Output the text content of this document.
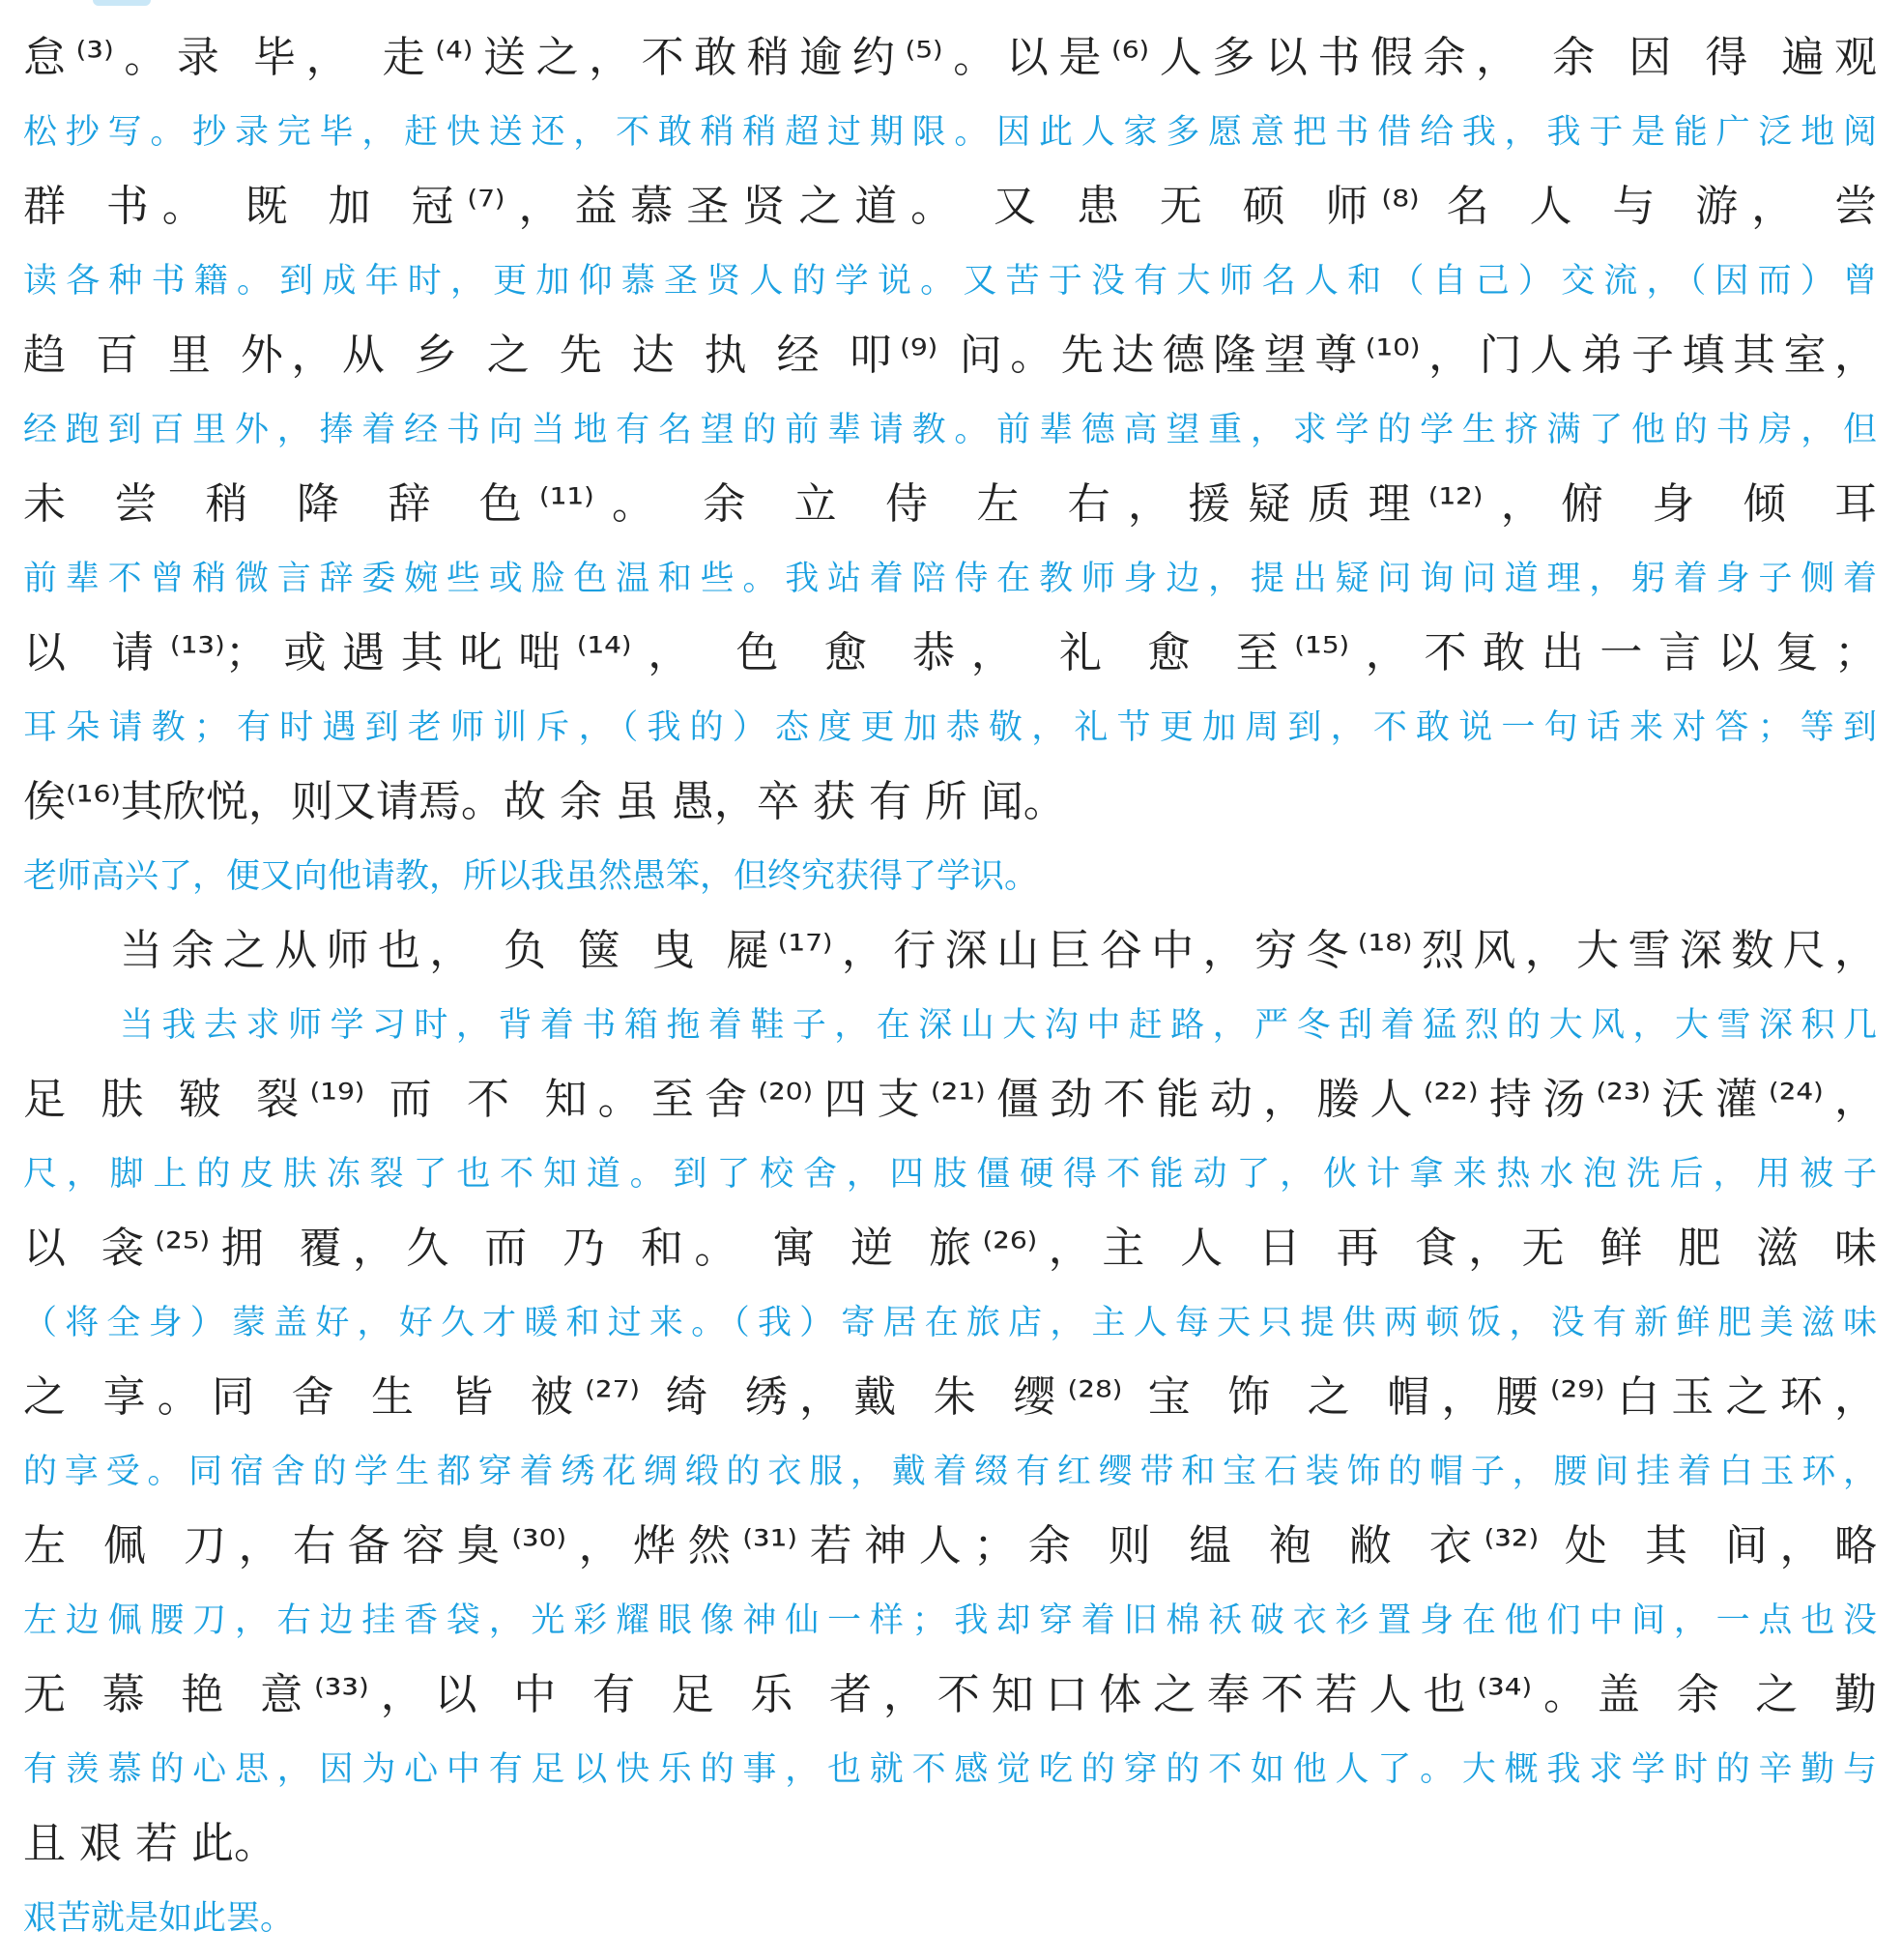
怠⁽³⁾。录 毕， 走⁽⁴⁾送之，不敢稍逾约⁽⁵⁾。以是⁽⁶⁾人多以书假余， 余 因 得 遍观

松抄写。抄录完毕，赶快送还，不敢稍稍超过期限。因此人家多愿意把书借给我，我于是能广泛地阅

群 书。 既 加 冠⁽⁷⁾，益慕圣贤之道。 又 患 无 硕 师⁽⁸⁾ 名 人 与 游， 尝

读各种书籍。到成年时，更加仰慕圣贤人的学说。又苦于没有大师名人和（自己）交流，（因而）曾

趋 百 里 外，从 乡 之 先 达 执 经 叩⁽⁹⁾ 问。先达德隆望尊⁽¹⁰⁾，门人弟子填其室，

经跑到百里外，捧着经书向当地有名望的前辈请教。前辈德高望重，求学的学生挤满了他的书房，但

未 尝 稍 降 辞 色⁽¹¹⁾。 余 立 侍 左 右，援疑质理⁽¹²⁾，俯 身 倾 耳

前辈不曾稍微言辞委婉些或脸色温和些。我站着陪侍在教师身边，提出疑问询问道理，躬着身子侧着

以 请⁽¹³⁾；或遇其叱咄⁽¹⁴⁾， 色 愈 恭， 礼 愈 至⁽¹⁵⁾，不敢出一言以复；

耳朵请教；有时遇到老师训斥，（我的）态度更加恭敬，礼节更加周到，不敢说一句话来对答；等到

俟⁽¹⁶⁾其欣悦，则又请焉。故 余 虽 愚，卒 获 有 所 闻。

老师高兴了，便又向他请教，所以我虽然愚笨，但终究获得了学识。

当余之从师也， 负 箧 曳 屣⁽¹⁷⁾，行深山巨谷中，穷冬⁽¹⁸⁾烈风，大雪深数尺，

当我去求师学习时，背着书箱拖着鞋子，在深山大沟中赶路，严冬刮着猛烈的大风，大雪深积几

足 肤 皲 裂⁽¹⁹⁾ 而 不 知。至舍⁽²⁰⁾四支⁽²¹⁾僵劲不能动，媵人⁽²²⁾持汤⁽²³⁾沃灌⁽²⁴⁾，

尺，脚上的皮肤冻裂了也不知道。到了校舍，四肢僵硬得不能动了，伙计拿来热水泡洗后，用被子

以 衾⁽²⁵⁾拥 覆，久 而 乃 和。 寓 逆 旅⁽²⁶⁾，主 人 日 再 食，无 鲜 肥 滋 味

（将全身）蒙盖好，好久才暖和过来。（我）寄居在旅店，主人每天只提供两顿饭，没有新鲜肥美滋味

之 享。同 舍 生 皆 被⁽²⁷⁾ 绮 绣，戴 朱 缨⁽²⁸⁾ 宝 饰 之 帽，腰⁽²⁹⁾白玉之环，

的享受。同宿舍的学生都穿着绣花绸缎的衣服，戴着缀有红缨带和宝石装饰的帽子，腰间挂着白玉环，

左 佩 刀，右备容臭⁽³⁰⁾，烨然⁽³¹⁾若神人；余 则 缊 袍 敝 衣⁽³²⁾ 处 其 间，略

左边佩腰刀，右边挂香袋，光彩耀眼像神仙一样；我却穿着旧棉袄破衣衫置身在他们中间，一点也没

无 慕 艳 意⁽³³⁾，以 中 有 足 乐 者，不知口体之奉不若人也⁽³⁴⁾。盖 余 之 勤

有羡慕的心思，因为心中有足以快乐的事，也就不感觉吃的穿的不如他人了。大概我求学时的辛勤与

且 艰 若 此。

艰苦就是如此罢。
